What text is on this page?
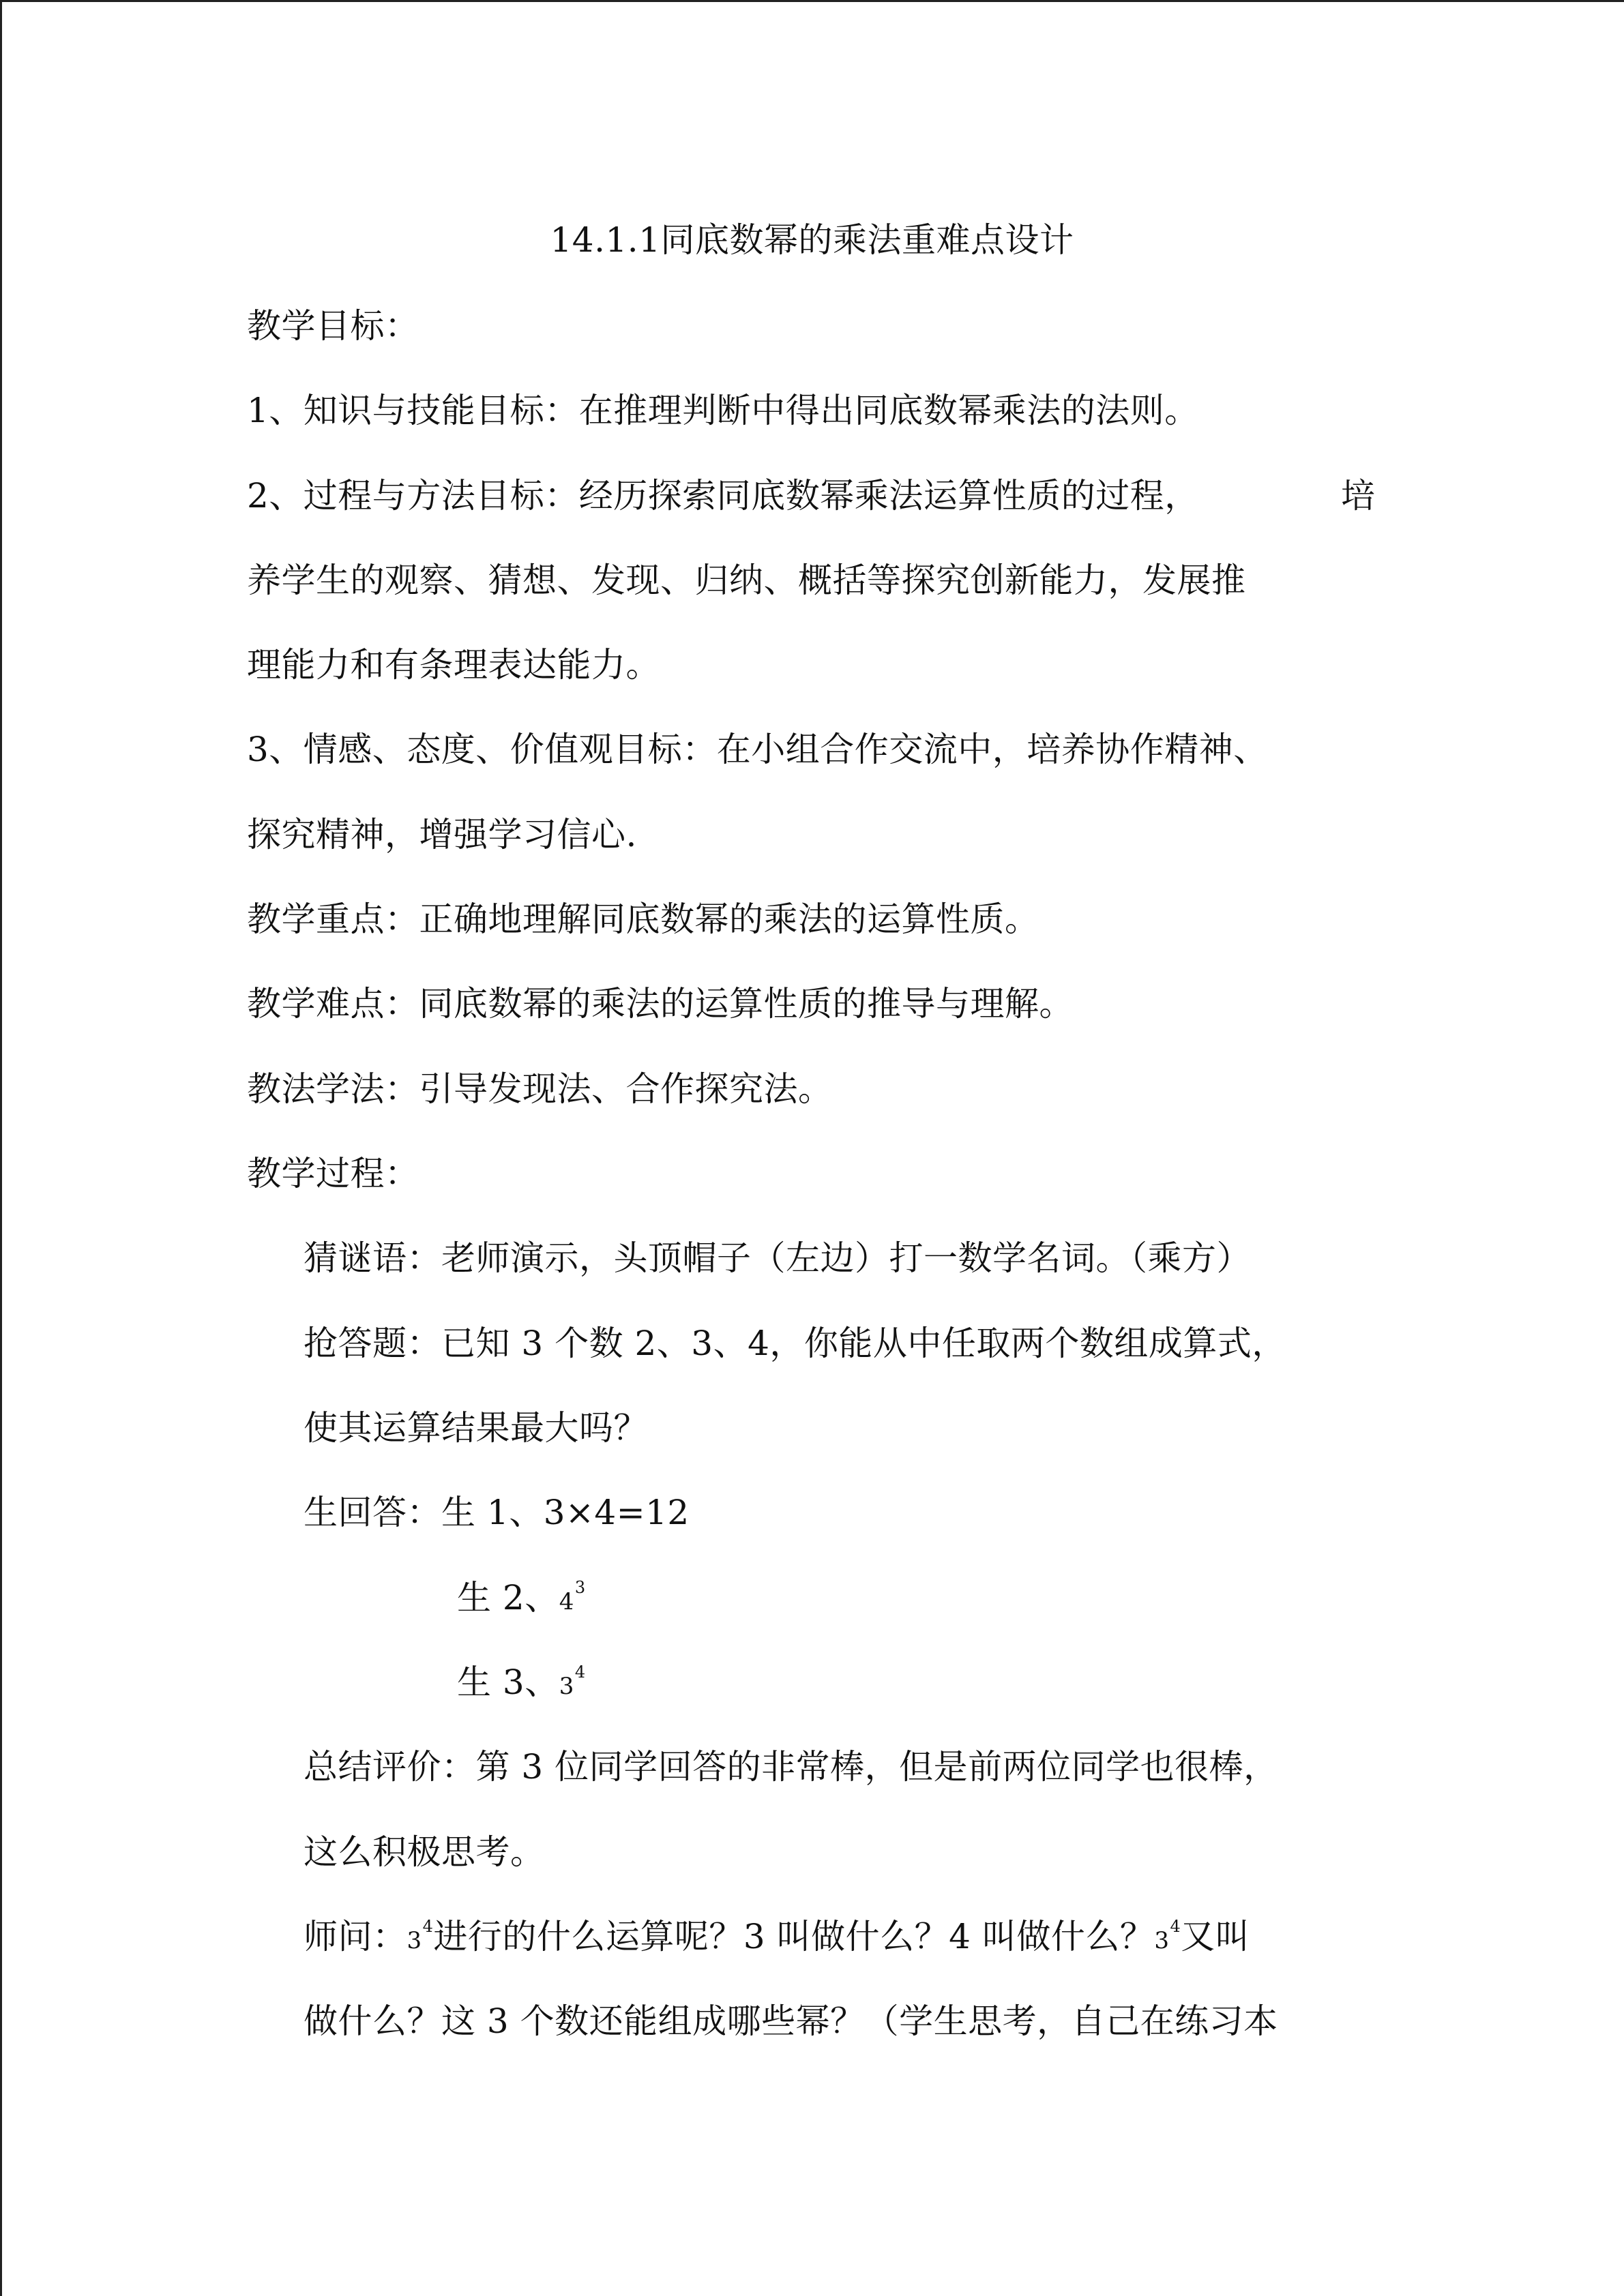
14.1.1同底数幂的乘法重难点设计
教学目标：
1、知识与技能目标：在推理判断中得出同底数幂乘法的法则。
2、过程与方法目标：经历探索同底数幂乘法运算性质的过程，	培
养学生的观察、猜想、发现、归纳、概括等探究创新能力，发展推
理能力和有条理表达能力。
3、情感、态度、价值观目标：在小组合作交流中，培养协作精神、
探究精神，增强学习信心.
教学重点：正确地理解同底数幂的乘法的运算性质。
教学难点：同底数幂的乘法的运算性质的推导与理解。
教法学法：引导发现法、合作探究法。
教学过程：
猜谜语：老师演示，头顶帽子（左边）打一数学名词。（乘方）
抢答题：已知 3 个数 2、3、4，你能从中任取两个数组成算式，
使其运算结果最大吗？
生回答：生 1、3×4=12
生 2、$4^3$
生 3、$3^4$
总结评价：第 3 位同学回答的非常棒，但是前两位同学也很棒，
这么积极思考。
师问：$3^4$进行的什么运算呢？3 叫做什么？4 叫做什么？$3^4$又叫
做什么？这 3 个数还能组成哪些幂？（学生思考，自己在练习本
